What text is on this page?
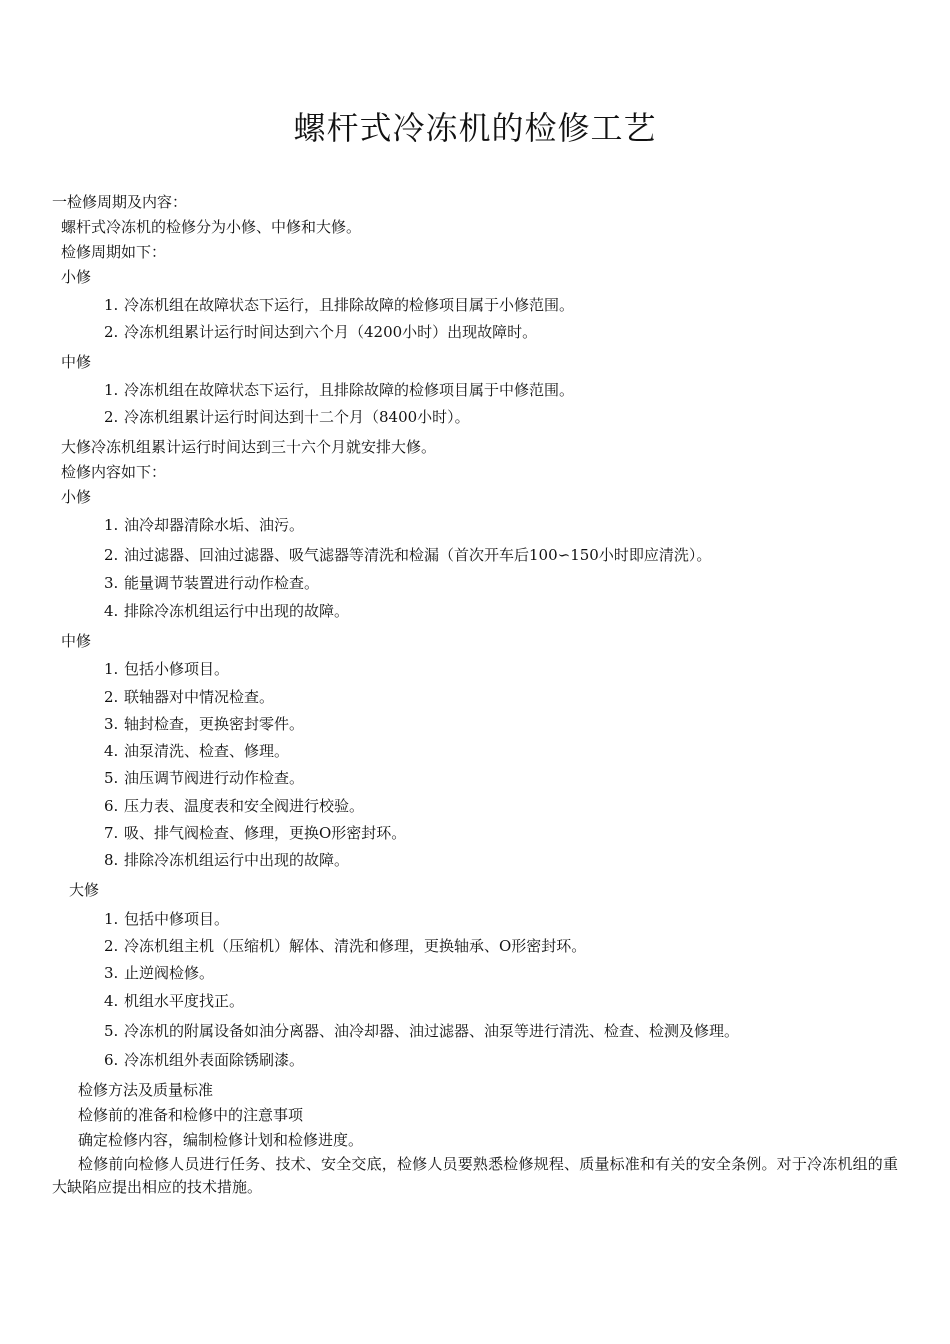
螺杆式冷冻机的检修工艺
一检修周期及内容：
螺杆式冷冻机的检修分为小修、中修和大修。
检修周期如下：
小修
1. 冷冻机组在故障状态下运行，且排除故障的检修项目属于小修范围。
2. 冷冻机组累计运行时间达到六个月（4200小时）出现故障时。
中修
1. 冷冻机组在故障状态下运行，且排除故障的检修项目属于中修范围。
2. 冷冻机组累计运行时间达到十二个月（8400小时）。
大修冷冻机组累计运行时间达到三十六个月就安排大修。
检修内容如下：
小修
1. 油冷却器清除水垢、油污。
2. 油过滤器、回油过滤器、吸气滤器等清洗和检漏（首次开车后100∽150小时即应清洗）。
3. 能量调节装置进行动作检查。
4. 排除冷冻机组运行中出现的故障。
中修
1. 包括小修项目。
2. 联轴器对中情况检查。
3. 轴封检查，更换密封零件。
4. 油泵清洗、检查、修理。
5. 油压调节阀进行动作检查。
6. 压力表、温度表和安全阀进行校验。
7. 吸、排气阀检查、修理，更换O形密封环。
8. 排除冷冻机组运行中出现的故障。
大修
1. 包括中修项目。
2. 冷冻机组主机（压缩机）解体、清洗和修理，更换轴承、O形密封环。
3. 止逆阀检修。
4. 机组水平度找正。
5. 冷冻机的附属设备如油分离器、油冷却器、油过滤器、油泵等进行清洗、检查、检测及修理。
6. 冷冻机组外表面除锈刷漆。
检修方法及质量标准
检修前的准备和检修中的注意事项
确定检修内容，编制检修计划和检修进度。
检修前向检修人员进行任务、技术、安全交底，检修人员要熟悉检修规程、质量标准和有关的安全条例。对于冷冻机组的重大缺陷应提出相应的技术措施。
